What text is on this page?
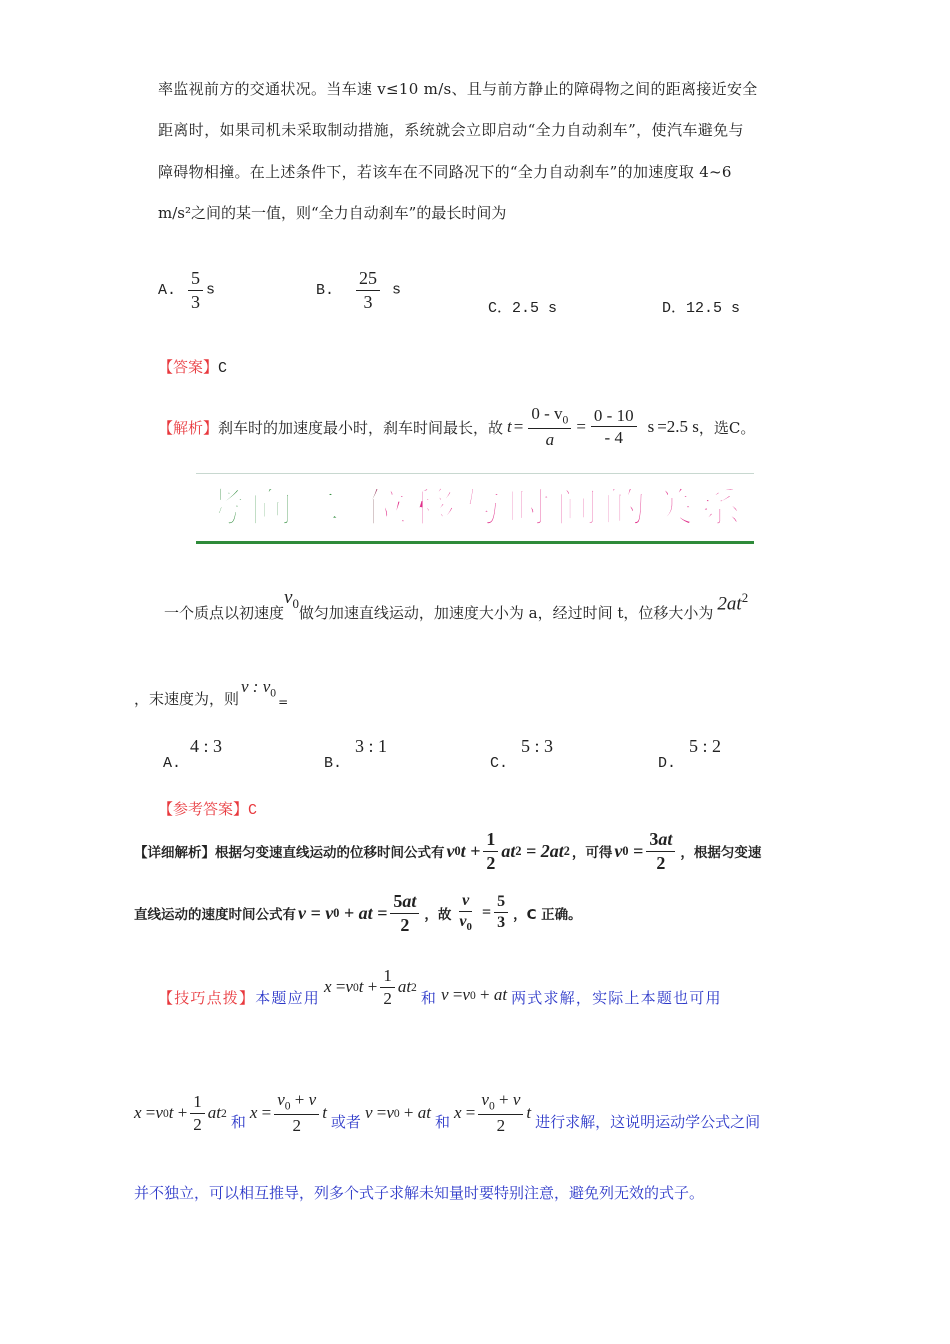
率监视前方的交通状况。当车速 v≤10 m/s、且与前方静止的障碍物之间的距离接近安全
距离时，如果司机未采取制动措施，系统就会立即启动“全力自动刹车”，使汽车避免与
障碍物相撞。在上述条件下，若该车在不同路况下的“全力自动刹车”的加速度取 4~6
m/s²之间的某一值，则“全力自动刹车”的最长时间为
A. $\frac{5}{3}$ s	B. $\frac{25}{3}$ s
C．2.5 s	D．12.5 s
【答案】C
【解析】 刹车时的加速度最小时，刹车时间最长，故 $t = \frac{0 - v_0}{a} = \frac{0 - 10}{- 4}$ s =2.5 s ，选C。
考向二 位移与时间的关系
一个质点以初速度
$v_0$
做匀加速直线运动，加速度大小为 a，经过时间 t，位移大小为 $2at^2$
，末速度为，则
v : $v_0$
=
A. 4 : 3
B. 3 : 1
C. 5 : 3
D. 5 : 2
【参考答案】C
【详细解析】 根据匀变速直线运动的位移时间公式有 v 0 $t + \frac{1}{2}$ at 2 = 2at 2 ，可得 v $0 = \frac{3at}{2}$ ，根据匀变速
直线运动的速度时间公式有 v = v 0 + at = $\frac{5at}{2}$ ，故 $\frac{v}{v_0} = \frac{5}{3}$ ，C 正确。
【技巧点拨】 本题应用
x = v 0 $t + \frac{1}{2}$ at 2
和 v = v 0 + at 两式求解，实际上本题也可用
x = v 0 $t + \frac{1}{2}$ at 2 和 $x = \frac{v_0 + v}{2}$ t 或者 v = v 0 + at 和 $x = \frac{v_0 + v}{2}$ t 进行求解，这说明运动学公式之间
并不独立，可以相互推导，列多个式子求解未知量时要特别注意，避免列无效的式子。
